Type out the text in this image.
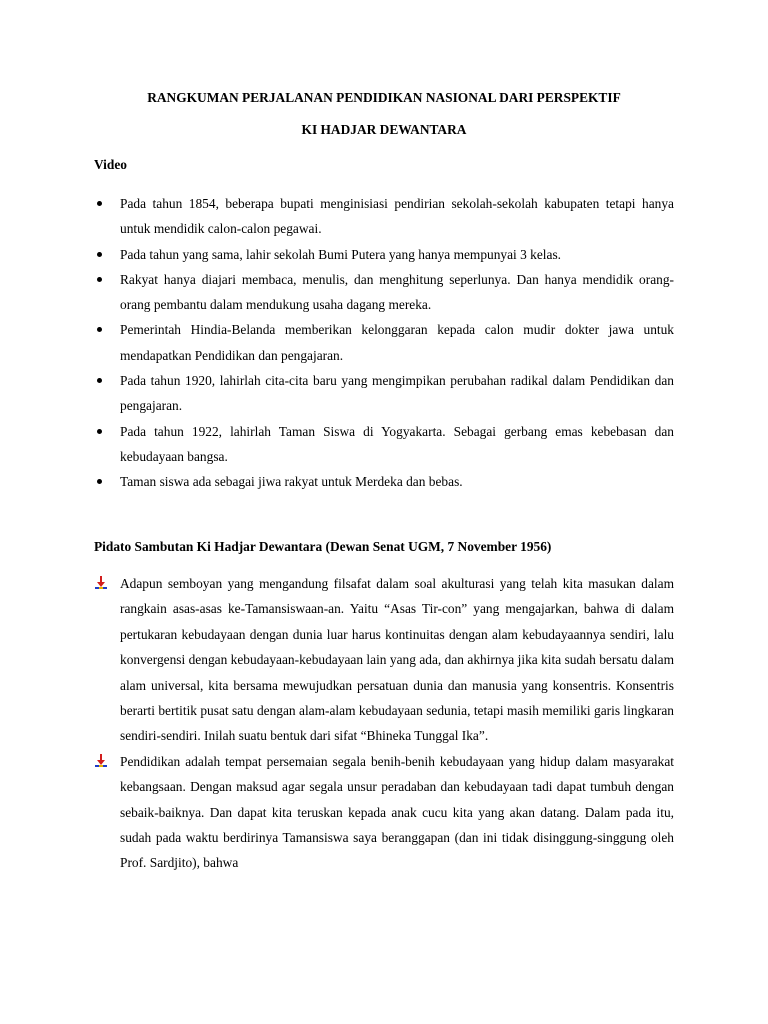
RANGKUMAN PERJALANAN PENDIDIKAN NASIONAL DARI PERSPEKTIF
KI HADJAR DEWANTARA
Video
Pada tahun 1854, beberapa bupati menginisiasi pendirian sekolah-sekolah kabupaten tetapi hanya untuk mendidik calon-calon pegawai.
Pada tahun yang sama, lahir sekolah Bumi Putera yang hanya mempunyai 3 kelas.
Rakyat hanya diajari membaca, menulis, dan menghitung seperlunya. Dan hanya mendidik orang-orang pembantu dalam mendukung usaha dagang mereka.
Pemerintah Hindia-Belanda memberikan kelonggaran kepada calon mudir dokter jawa untuk mendapatkan Pendidikan dan pengajaran.
Pada tahun 1920, lahirlah cita-cita baru yang mengimpikan perubahan radikal dalam Pendidikan dan pengajaran.
Pada tahun 1922, lahirlah Taman Siswa di Yogyakarta. Sebagai gerbang emas kebebasan dan kebudayaan bangsa.
Taman siswa ada sebagai jiwa rakyat untuk Merdeka dan bebas.
Pidato Sambutan Ki Hadjar Dewantara (Dewan Senat UGM, 7 November 1956)
Adapun semboyan yang mengandung filsafat dalam soal akulturasi yang telah kita masukan dalam rangkain asas-asas ke-Tamansiswaan-an. Yaitu “Asas Tir-con” yang mengajarkan, bahwa di dalam pertukaran kebudayaan dengan dunia luar harus kontinuitas dengan alam kebudayaannya sendiri, lalu konvergensi dengan kebudayaan-kebudayaan lain yang ada, dan akhirnya jika kita sudah bersatu dalam alam universal, kita bersama mewujudkan persatuan dunia dan manusia yang konsentris. Konsentris berarti bertitik pusat satu dengan alam-alam kebudayaan sedunia, tetapi masih memiliki garis lingkaran sendiri-sendiri. Inilah suatu bentuk dari sifat “Bhineka Tunggal Ika”.
Pendidikan adalah tempat persemaian segala benih-benih kebudayaan yang hidup dalam masyarakat kebangsaan. Dengan maksud agar segala unsur peradaban dan kebudayaan tadi dapat tumbuh dengan sebaik-baiknya. Dan dapat kita teruskan kepada anak cucu kita yang akan datang. Dalam pada itu, sudah pada waktu berdirinya Tamansiswa saya beranggapan (dan ini tidak disinggung-singgung oleh Prof. Sardjito), bahwa
